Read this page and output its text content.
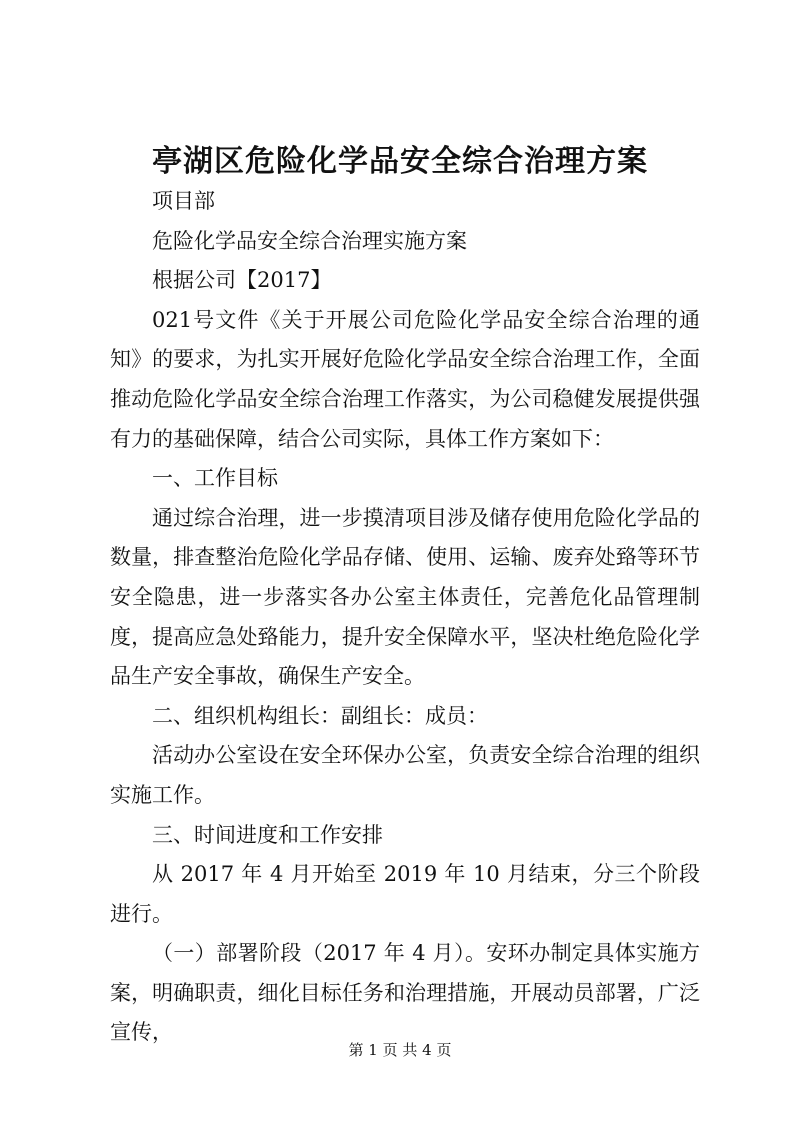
亭湖区危险化学品安全综合治理方案

项目部

危险化学品安全综合治理实施方案

根据公司【2017】

021号文件《关于开展公司危险化学品安全综合治理的通知》的要求，为扎实开展好危险化学品安全综合治理工作，全面推动危险化学品安全综合治理工作落实，为公司稳健发展提供强有力的基础保障，结合公司实际，具体工作方案如下：

一、工作目标

通过综合治理，进一步摸清项目涉及储存使用危险化学品的数量，排查整治危险化学品存储、使用、运输、废弃处臵等环节安全隐患，进一步落实各办公室主体责任，完善危化品管理制度，提高应急处臵能力，提升安全保障水平，坚决杜绝危险化学品生产安全事故，确保生产安全。

二、组织机构组长：副组长：成员：

活动办公室设在安全环保办公室，负责安全综合治理的组织实施工作。

三、时间进度和工作安排

从 2017 年 4 月开始至 2019 年 10 月结束，分三个阶段进行。

（一）部署阶段（2017 年 4 月）。安环办制定具体实施方案，明确职责，细化目标任务和治理措施，开展动员部署，广泛宣传，

第 1 页 共 4 页
